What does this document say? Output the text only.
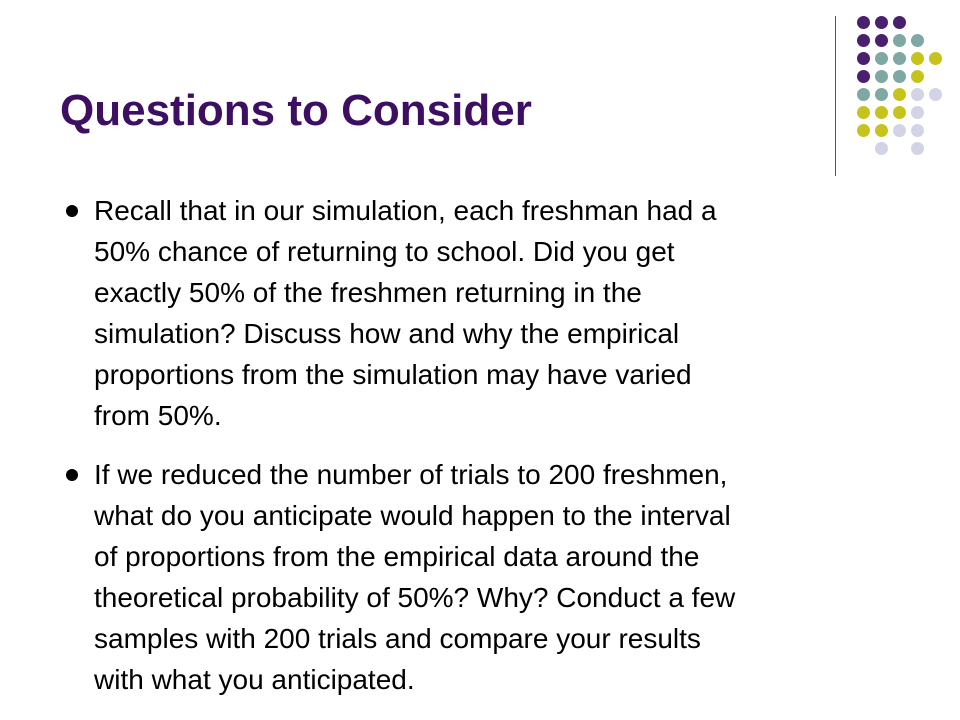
Questions to Consider
Recall that in our simulation, each freshman had a
50% chance of returning to school. Did you get
exactly 50% of the freshmen returning in the
simulation? Discuss how and why the empirical
proportions from the simulation may have varied
from 50%.
If we reduced the number of trials to 200 freshmen,
what do you anticipate would happen to the interval
of proportions from the empirical data around the
theoretical probability of 50%? Why? Conduct a few
samples with 200 trials and compare your results
with what you anticipated.
